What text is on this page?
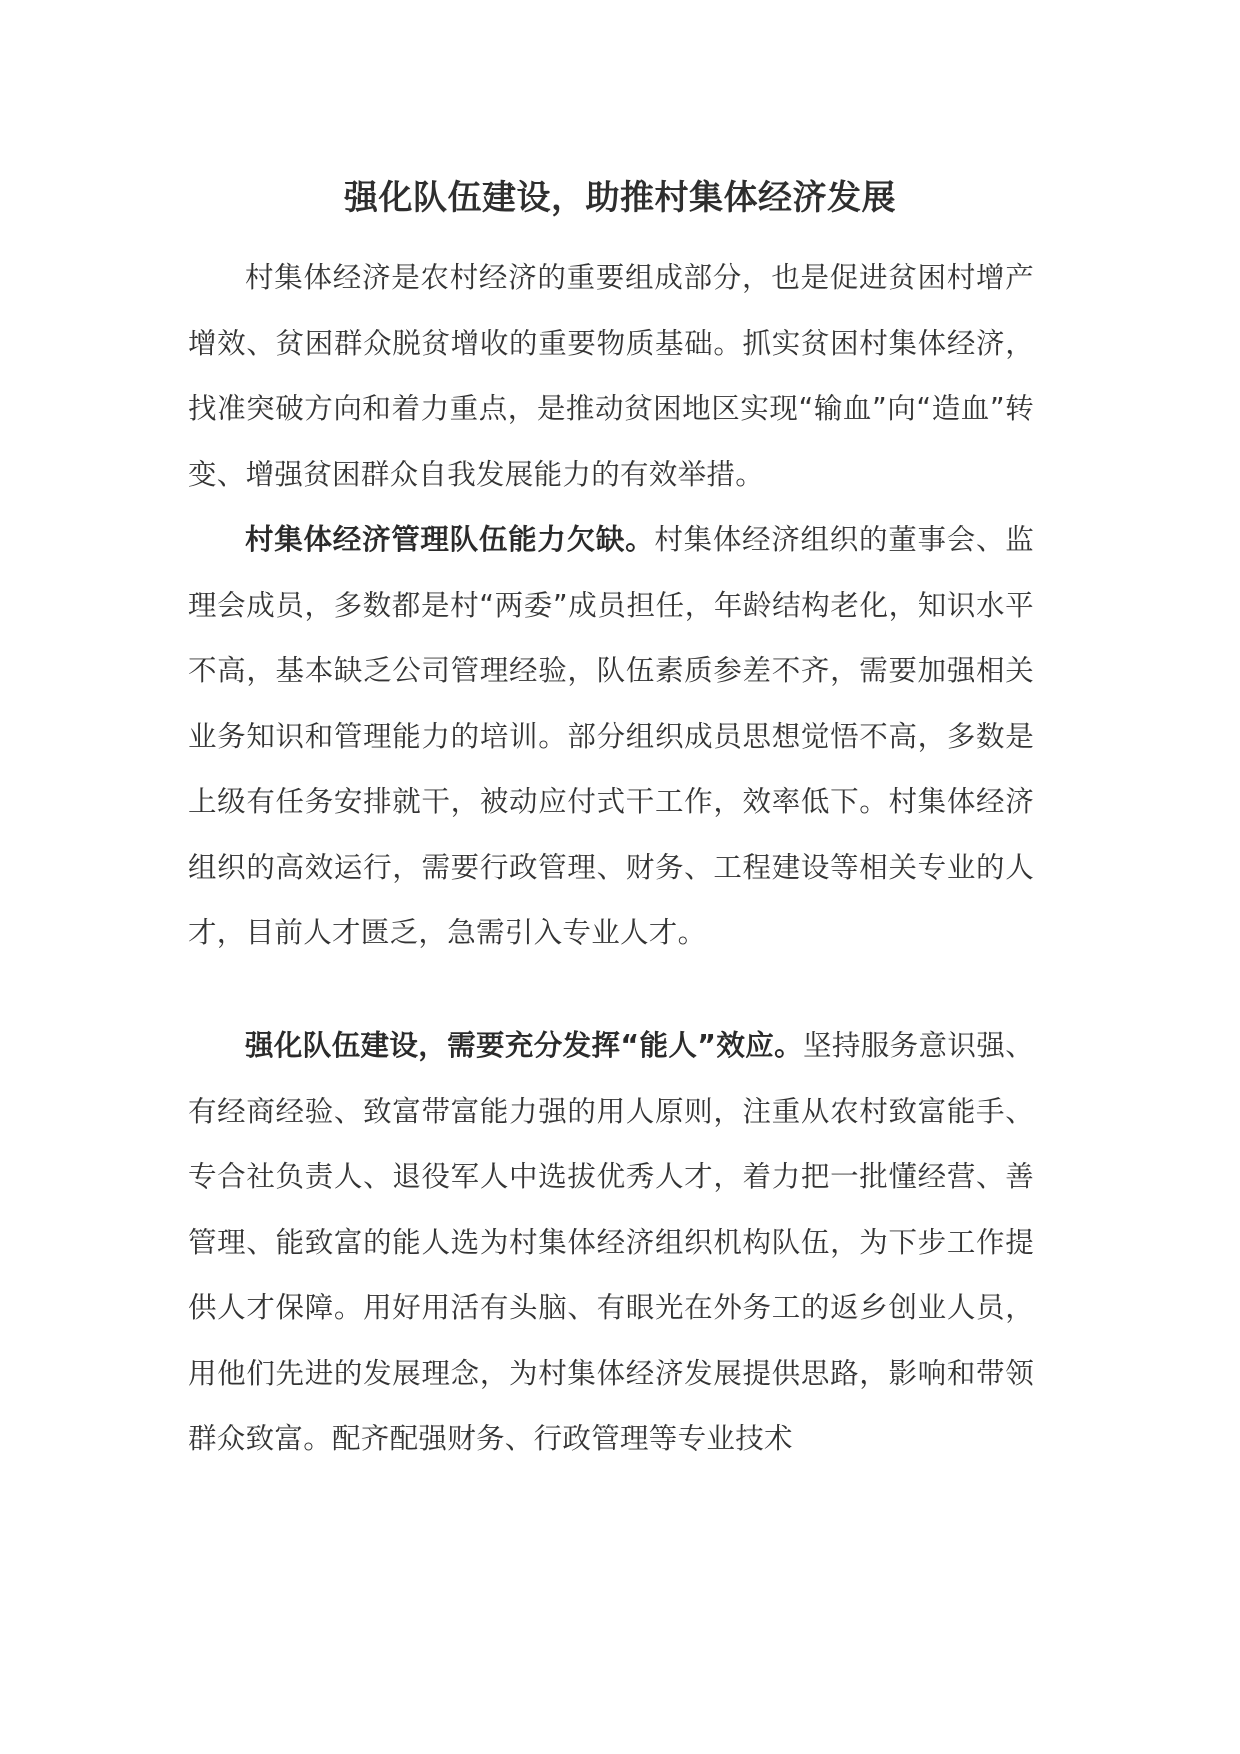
强化队伍建设，助推村集体经济发展

村集体经济是农村经济的重要组成部分，也是促进贫困村增产增效、贫困群众脱贫增收的重要物质基础。抓实贫困村集体经济，找准突破方向和着力重点，是推动贫困地区实现“输血”向“造血”转变、增强贫困群众自我发展能力的有效举措。

村集体经济管理队伍能力欠缺。村集体经济组织的董事会、监理会成员，多数都是村“两委”成员担任，年龄结构老化，知识水平不高，基本缺乏公司管理经验，队伍素质参差不齐，需要加强相关业务知识和管理能力的培训。部分组织成员思想觉悟不高，多数是上级有任务安排就干，被动应付式干工作，效率低下。村集体经济组织的高效运行，需要行政管理、财务、工程建设等相关专业的人才，目前人才匮乏，急需引入专业人才。

强化队伍建设，需要充分发挥“能人”效应。坚持服务意识强、有经商经验、致富带富能力强的用人原则，注重从农村致富能手、专合社负责人、退役军人中选拔优秀人才，着力把一批懂经营、善管理、能致富的能人选为村集体经济组织机构队伍，为下步工作提供人才保障。用好用活有头脑、有眼光在外务工的返乡创业人员，用他们先进的发展理念，为村集体经济发展提供思路，影响和带领群众致富。配齐配强财务、行政管理等专业技术
